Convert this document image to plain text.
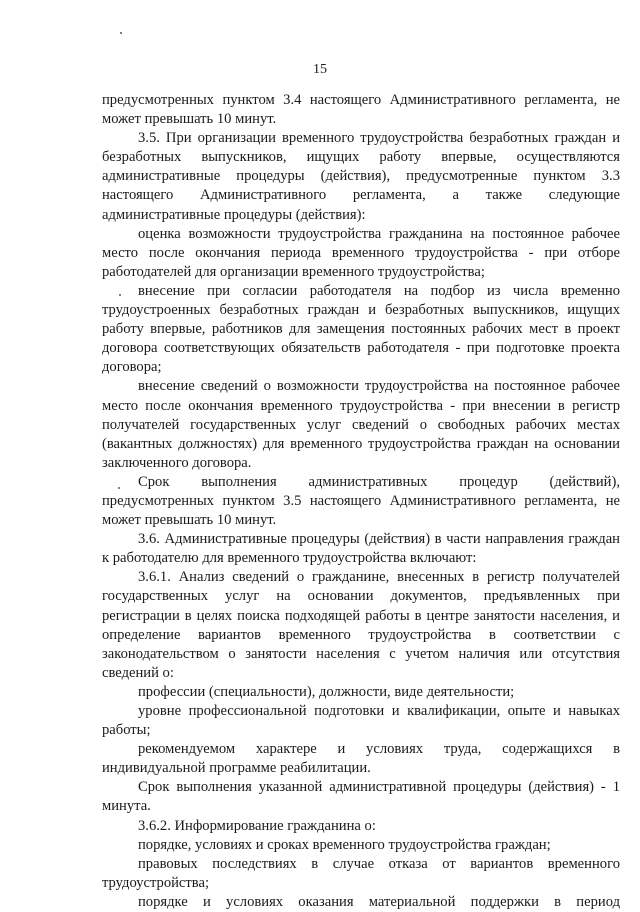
15

предусмотренных пунктом 3.4 настоящего Административного регламента, не может превышать 10 минут.

3.5. При организации временного трудоустройства безработных граждан и безработных выпускников, ищущих работу впервые, осуществляются административные процедуры (действия), предусмотренные пунктом 3.3 настоящего Административного регламента, а также следующие административные процедуры (действия):

оценка возможности трудоустройства гражданина на постоянное рабочее место после окончания периода временного трудоустройства - при отборе работодателей для организации временного трудоустройства;

внесение при согласии работодателя на подбор из числа временно трудоустроенных безработных граждан и безработных выпускников, ищущих работу впервые, работников для замещения постоянных рабочих мест в проект договора соответствующих обязательств работодателя - при подготовке проекта договора;

внесение сведений о возможности трудоустройства на постоянное рабочее место после окончания временного трудоустройства - при внесении в регистр получателей государственных услуг сведений о свободных рабочих местах (вакантных должностях) для временного трудоустройства граждан на основании заключенного договора.

Срок выполнения административных процедур (действий), предусмотренных пунктом 3.5 настоящего Административного регламента, не может превышать 10 минут.

3.6. Административные процедуры (действия) в части направления граждан к работодателю для временного трудоустройства включают:

3.6.1. Анализ сведений о гражданине, внесенных в регистр получателей государственных услуг на основании документов, предъявленных при регистрации в целях поиска подходящей работы в центре занятости населения, и определение вариантов временного трудоустройства в соответствии с законодательством о занятости населения с учетом наличия или отсутствия сведений о:

профессии (специальности), должности, виде деятельности;

уровне профессиональной подготовки и квалификации, опыте и навыках работы;

рекомендуемом характере и условиях труда, содержащихся в индивидуальной программе реабилитации.

Срок выполнения указанной административной процедуры (действия) - 1 минута.

3.6.2. Информирование гражданина о:

порядке, условиях и сроках временного трудоустройства граждан;

правовых последствиях в случае отказа от вариантов временного трудоустройства;

порядке и условиях оказания материальной поддержки в период
